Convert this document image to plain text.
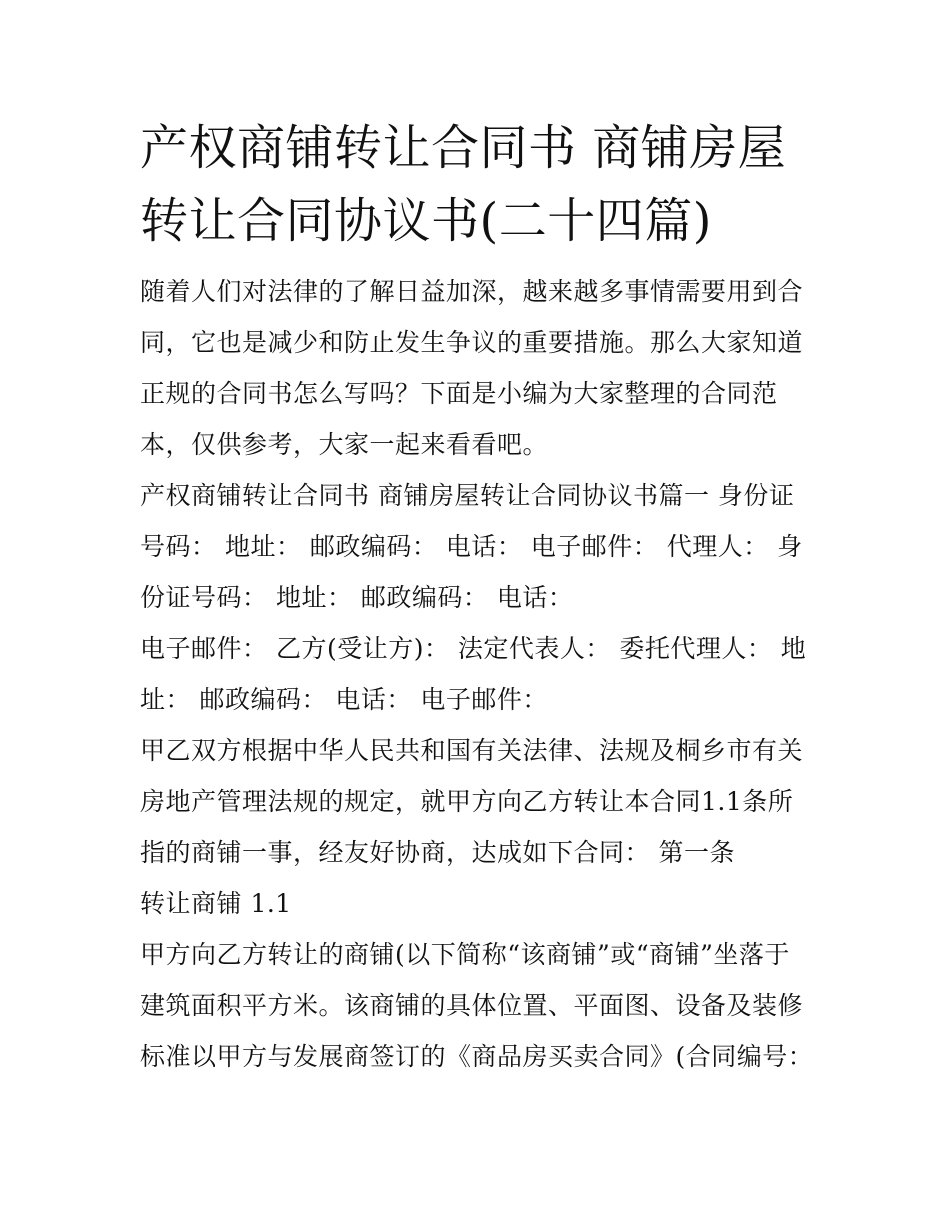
产权商铺转让合同书 商铺房屋转让合同协议书(二十四篇)

随着人们对法律的了解日益加深，越来越多事情需要用到合同，它也是减少和防止发生争议的重要措施。那么大家知道正规的合同书怎么写吗？下面是小编为大家整理的合同范本，仅供参考，大家一起来看看吧。

产权商铺转让合同书 商铺房屋转让合同协议书篇一 身份证号码： 地址： 邮政编码： 电话： 电子邮件： 代理人： 身份证号码： 地址： 邮政编码： 电话：

电子邮件： 乙方(受让方)： 法定代表人： 委托代理人： 地址： 邮政编码： 电话： 电子邮件：

甲乙双方根据中华人民共和国有关法律、法规及桐乡市有关房地产管理法规的规定，就甲方向乙方转让本合同1.1条所指的商铺一事，经友好协商，达成如下合同： 第一条

转让商铺 1.1

甲方向乙方转让的商铺(以下简称“该商铺”或“商铺”坐落于建筑面积平方米。该商铺的具体位置、平面图、设备及装修标准以甲方与发展商签订的《商品房买卖合同》(合同编号：
